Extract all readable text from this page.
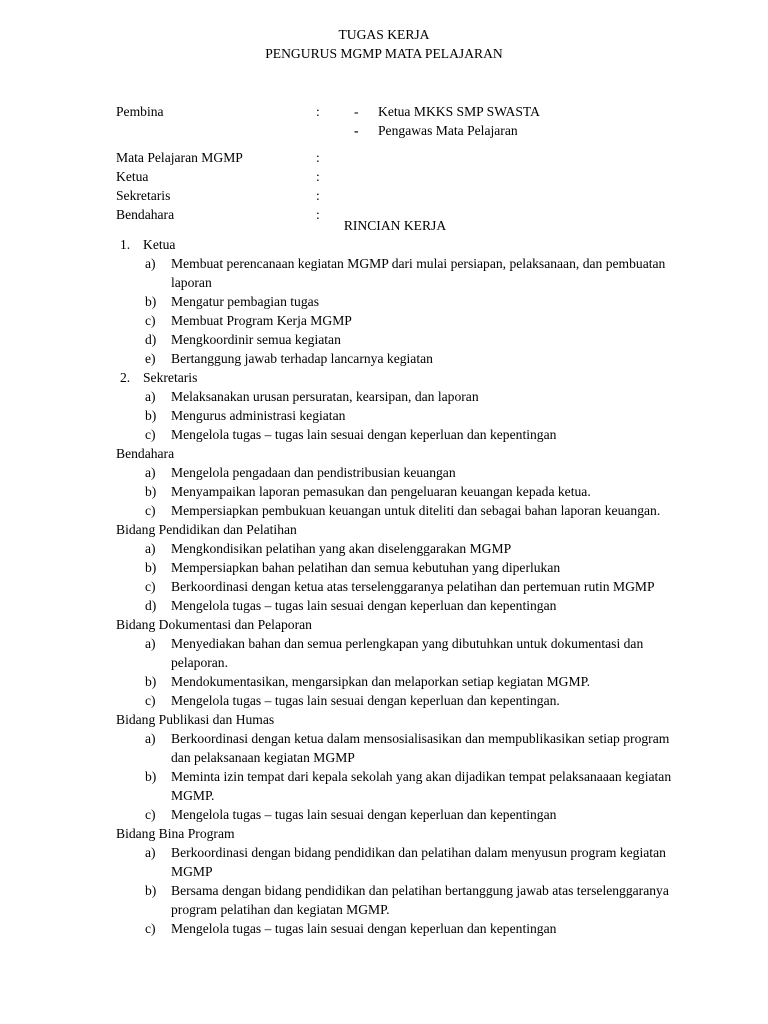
TUGAS KERJA
PENGURUS MGMP MATA PELAJARAN
Pembina	:	- Ketua MKKS SMP SWASTA
- Pengawas Mata Pelajaran
Mata Pelajaran MGMP	:
Ketua	:
Sekretaris	:
Bendahara	:
RINCIAN KERJA
1. Ketua
a) Membuat perencanaan kegiatan MGMP dari mulai persiapan, pelaksanaan, dan pembuatan laporan
b) Mengatur pembagian tugas
c) Membuat Program Kerja MGMP
d) Mengkoordinir semua kegiatan
e) Bertanggung jawab terhadap lancarnya kegiatan
2. Sekretaris
a) Melaksanakan urusan persuratan, kearsipan, dan laporan
b) Mengurus administrasi kegiatan
c) Mengelola tugas – tugas lain sesuai dengan keperluan dan kepentingan
Bendahara
a) Mengelola pengadaan dan pendistribusian keuangan
b) Menyampaikan laporan pemasukan dan pengeluaran keuangan kepada ketua.
c) Mempersiapkan pembukuan keuangan untuk diteliti dan sebagai bahan laporan keuangan.
Bidang Pendidikan dan Pelatihan
a) Mengkondisikan pelatihan yang akan diselenggarakan MGMP
b) Mempersiapkan bahan pelatihan dan semua kebutuhan yang diperlukan
c) Berkoordinasi dengan ketua atas terselenggaranya pelatihan dan pertemuan rutin MGMP
d) Mengelola tugas – tugas lain sesuai dengan keperluan dan kepentingan
Bidang Dokumentasi dan Pelaporan
a) Menyediakan bahan dan semua perlengkapan yang dibutuhkan untuk dokumentasi dan pelaporan.
b) Mendokumentasikan, mengarsipkan dan melaporkan setiap kegiatan MGMP.
c) Mengelola tugas – tugas lain sesuai dengan keperluan dan kepentingan.
Bidang Publikasi dan Humas
a) Berkoordinasi dengan ketua dalam mensosialisasikan dan mempublikasikan setiap program dan pelaksanaan kegiatan MGMP
b) Meminta izin tempat dari kepala sekolah yang akan dijadikan tempat pelaksanaaan kegiatan MGMP.
c) Mengelola tugas – tugas lain sesuai dengan keperluan dan kepentingan
Bidang Bina Program
a) Berkoordinasi dengan bidang pendidikan dan pelatihan dalam menyusun program kegiatan MGMP
b) Bersama dengan bidang pendidikan dan pelatihan bertanggung jawab atas terselenggaranya program pelatihan dan kegiatan MGMP.
c) Mengelola tugas – tugas lain sesuai dengan keperluan dan kepentingan
